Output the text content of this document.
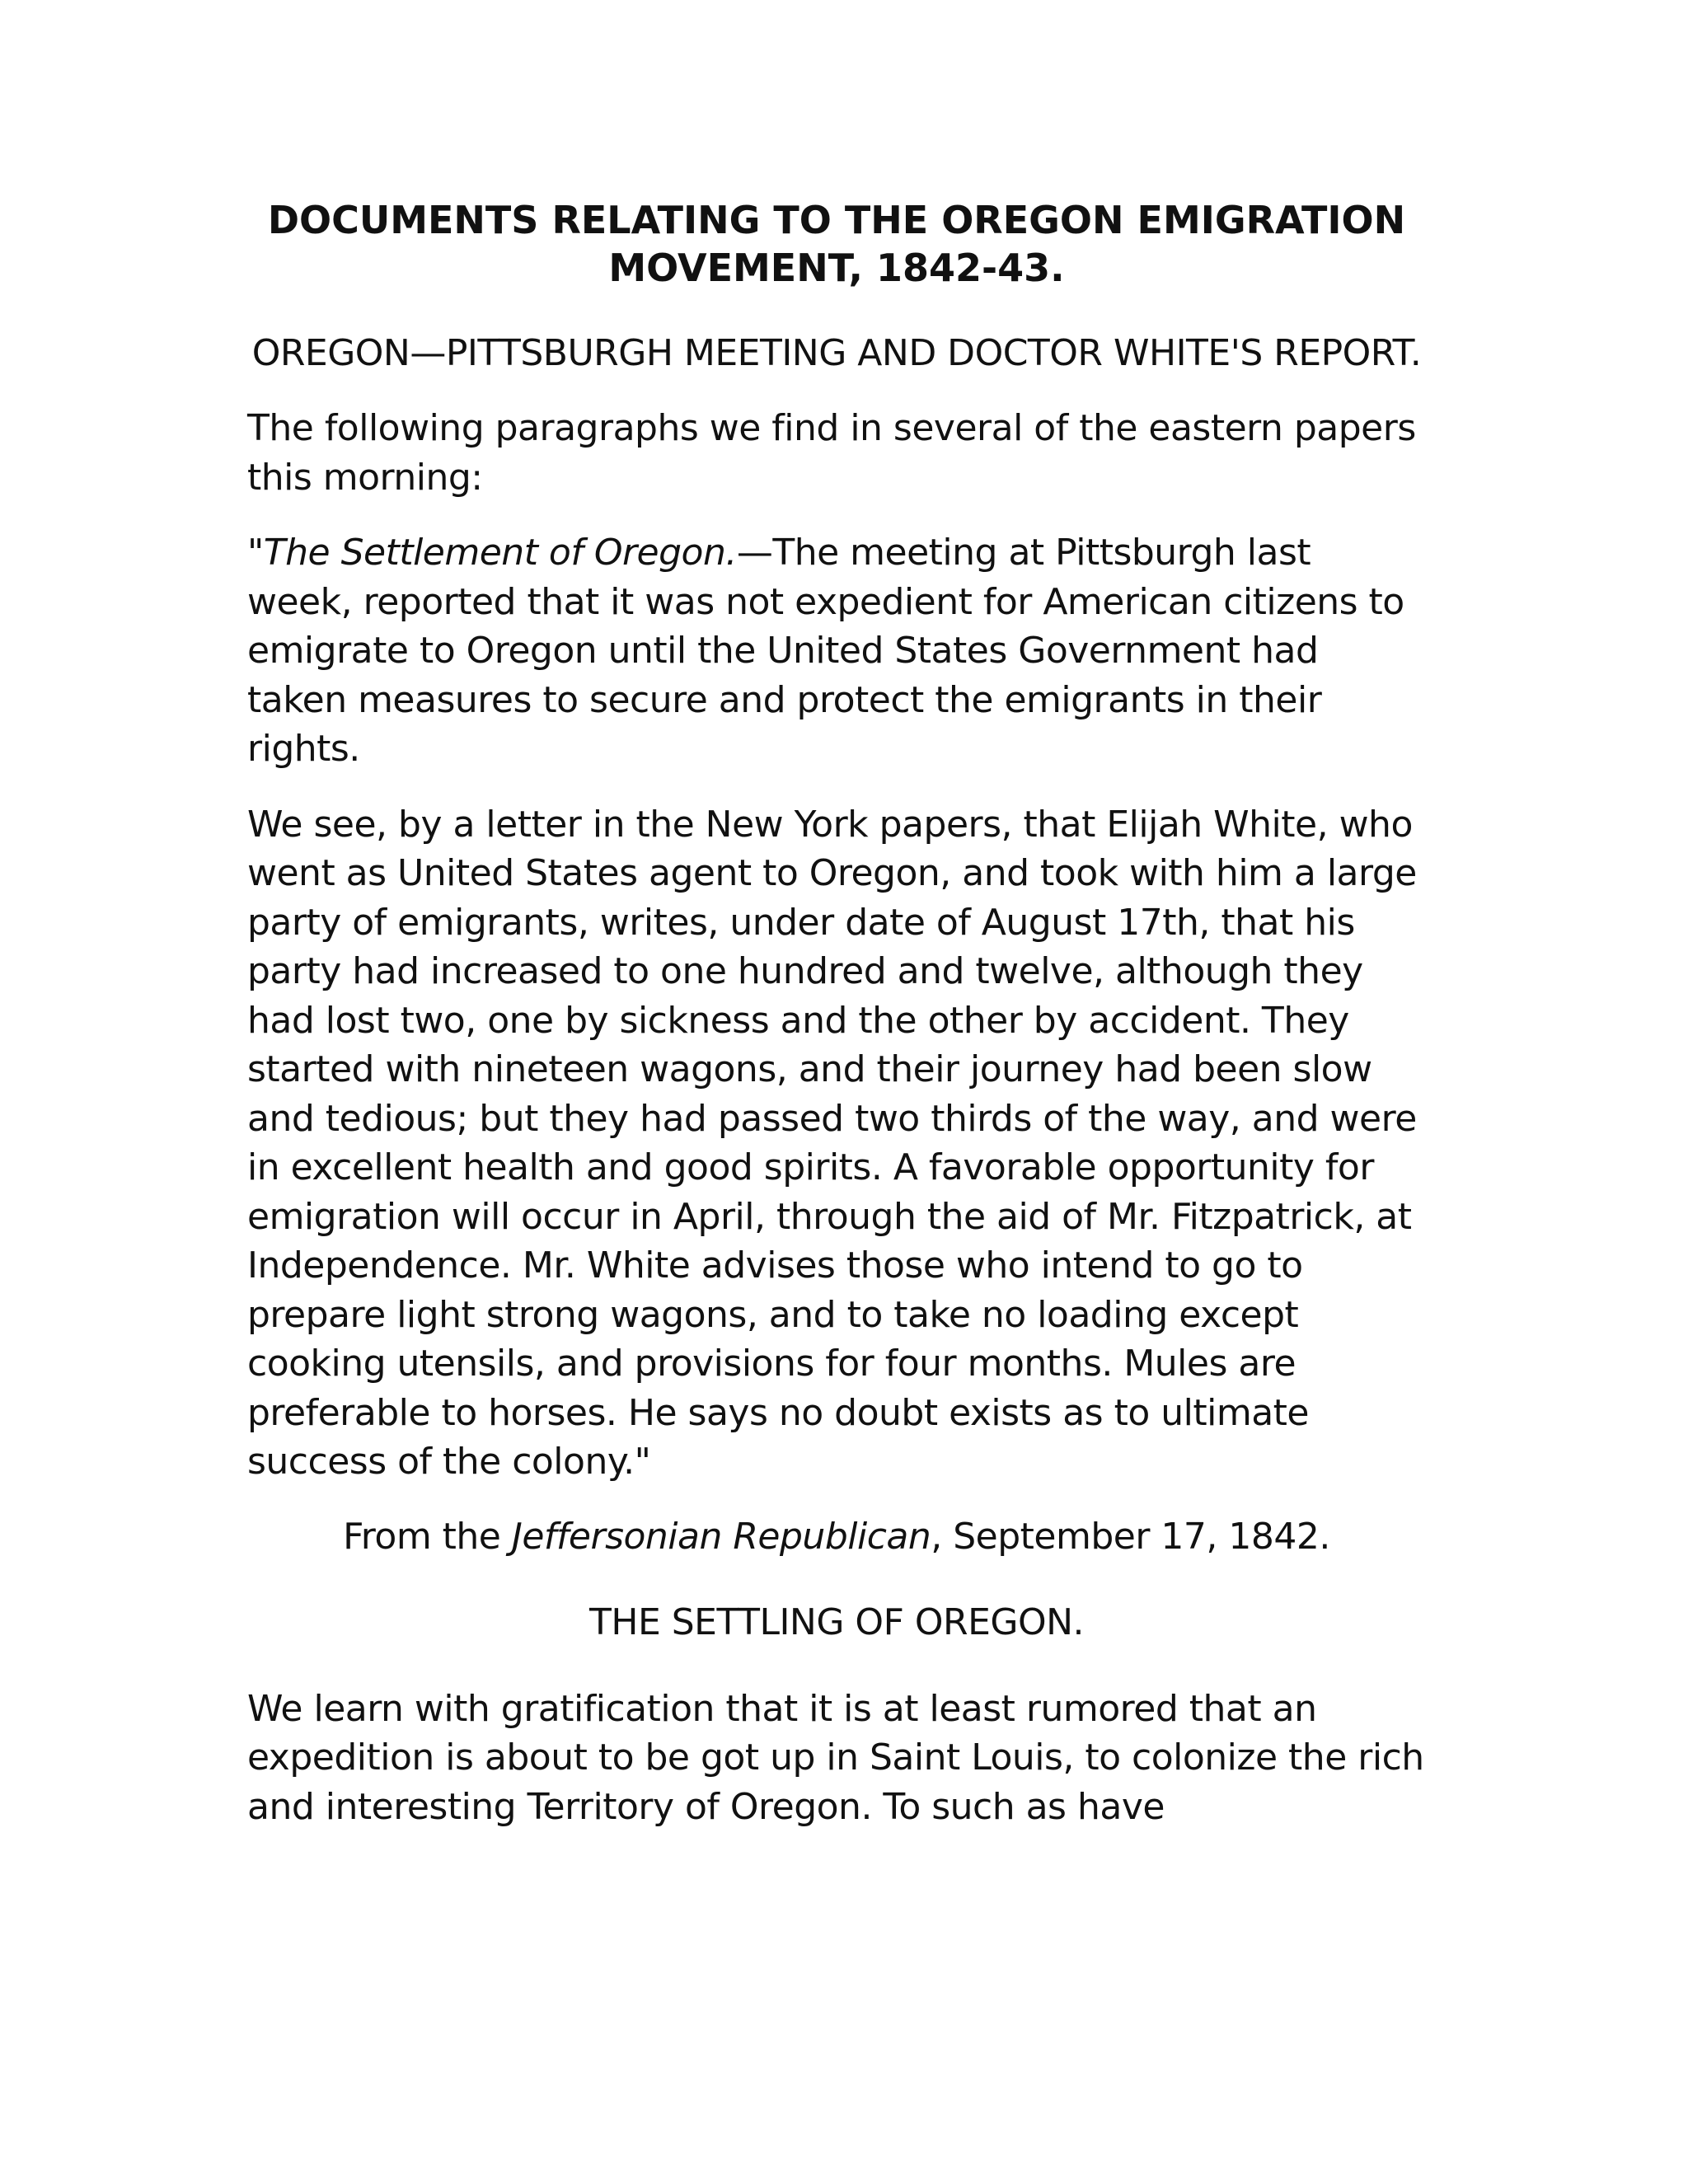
DOCUMENTS RELATING TO THE OREGON EMIGRATION MOVEMENT, 1842-43.
OREGON—PITTSBURGH MEETING AND DOCTOR WHITE'S REPORT.

The following paragraphs we find in several of the eastern papers this morning:

"The Settlement of Oregon.—The meeting at Pittsburgh last week, reported that it was not expedient for American citizens to emigrate to Oregon until the United States Government had taken measures to secure and protect the emigrants in their rights.

We see, by a letter in the New York papers, that Elijah White, who went as United States agent to Oregon, and took with him a large party of emigrants, writes, under date of August 17th, that his party had increased to one hundred and twelve, although they had lost two, one by sickness and the other by accident. They started with nineteen wagons, and their journey had been slow and tedious; but they had passed two thirds of the way, and were in excellent health and good spirits. A favorable opportunity for emigration will occur in April, through the aid of Mr. Fitzpatrick, at Independence. Mr. White advises those who intend to go to prepare light strong wagons, and to take no loading except cooking utensils, and provisions for four months. Mules are preferable to horses. He says no doubt exists as to ultimate success of the colony."

From the Jeffersonian Republican, September 17, 1842.
THE SETTLING OF OREGON.

We learn with gratification that it is at least rumored that an expedition is about to be got up in Saint Louis, to colonize the rich and interesting Territory of Oregon. To such as have
